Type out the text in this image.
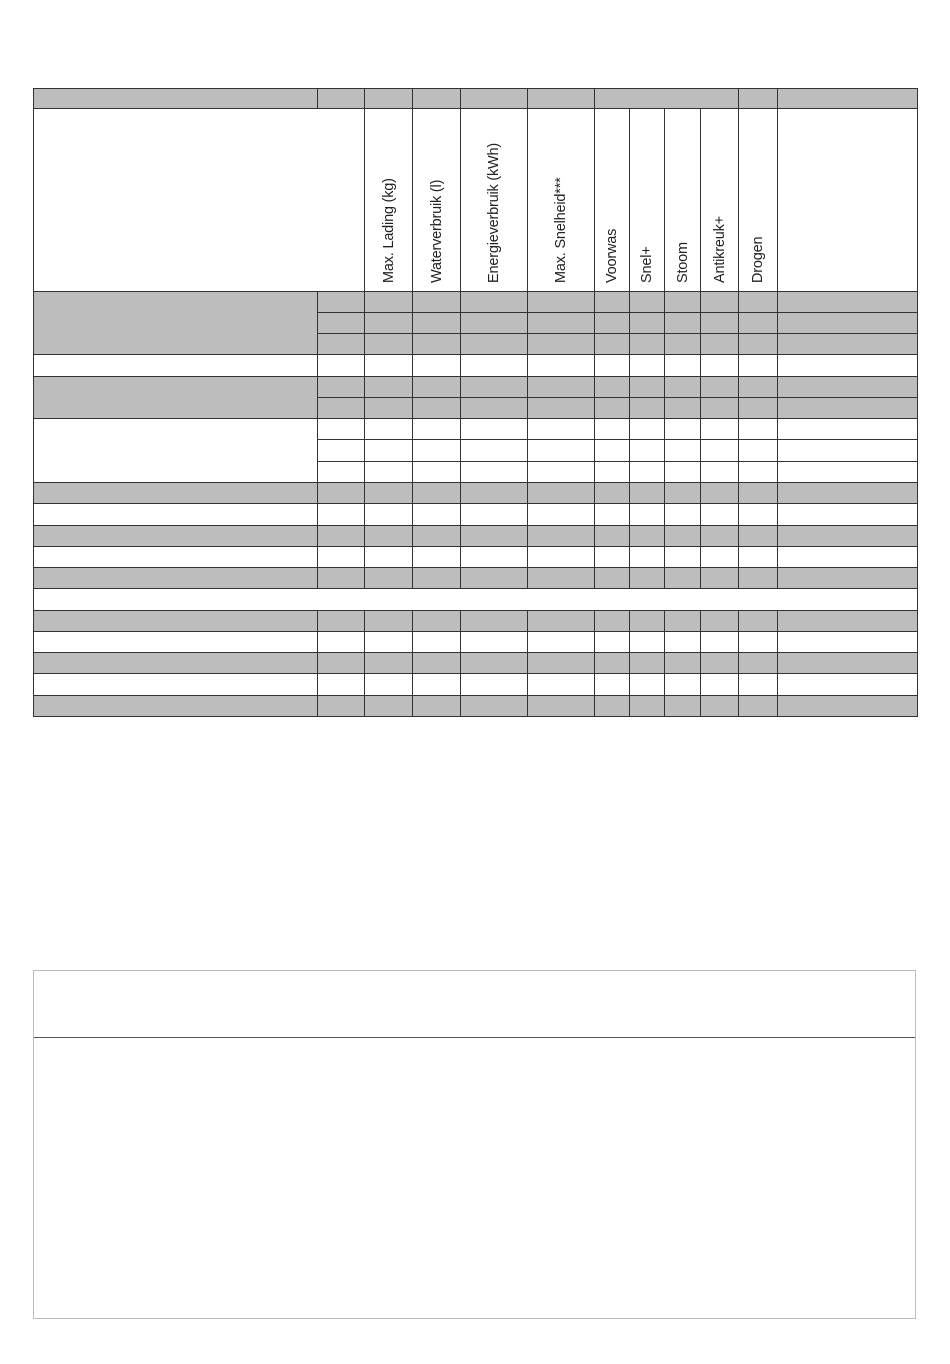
		Max. Lading (kg)	Waterverbruik (l)	Energieverbruik (kWh)	Max. Snelheid***	Voorwas	Snel+	Stoom	Antikreuk+	Drogen	
